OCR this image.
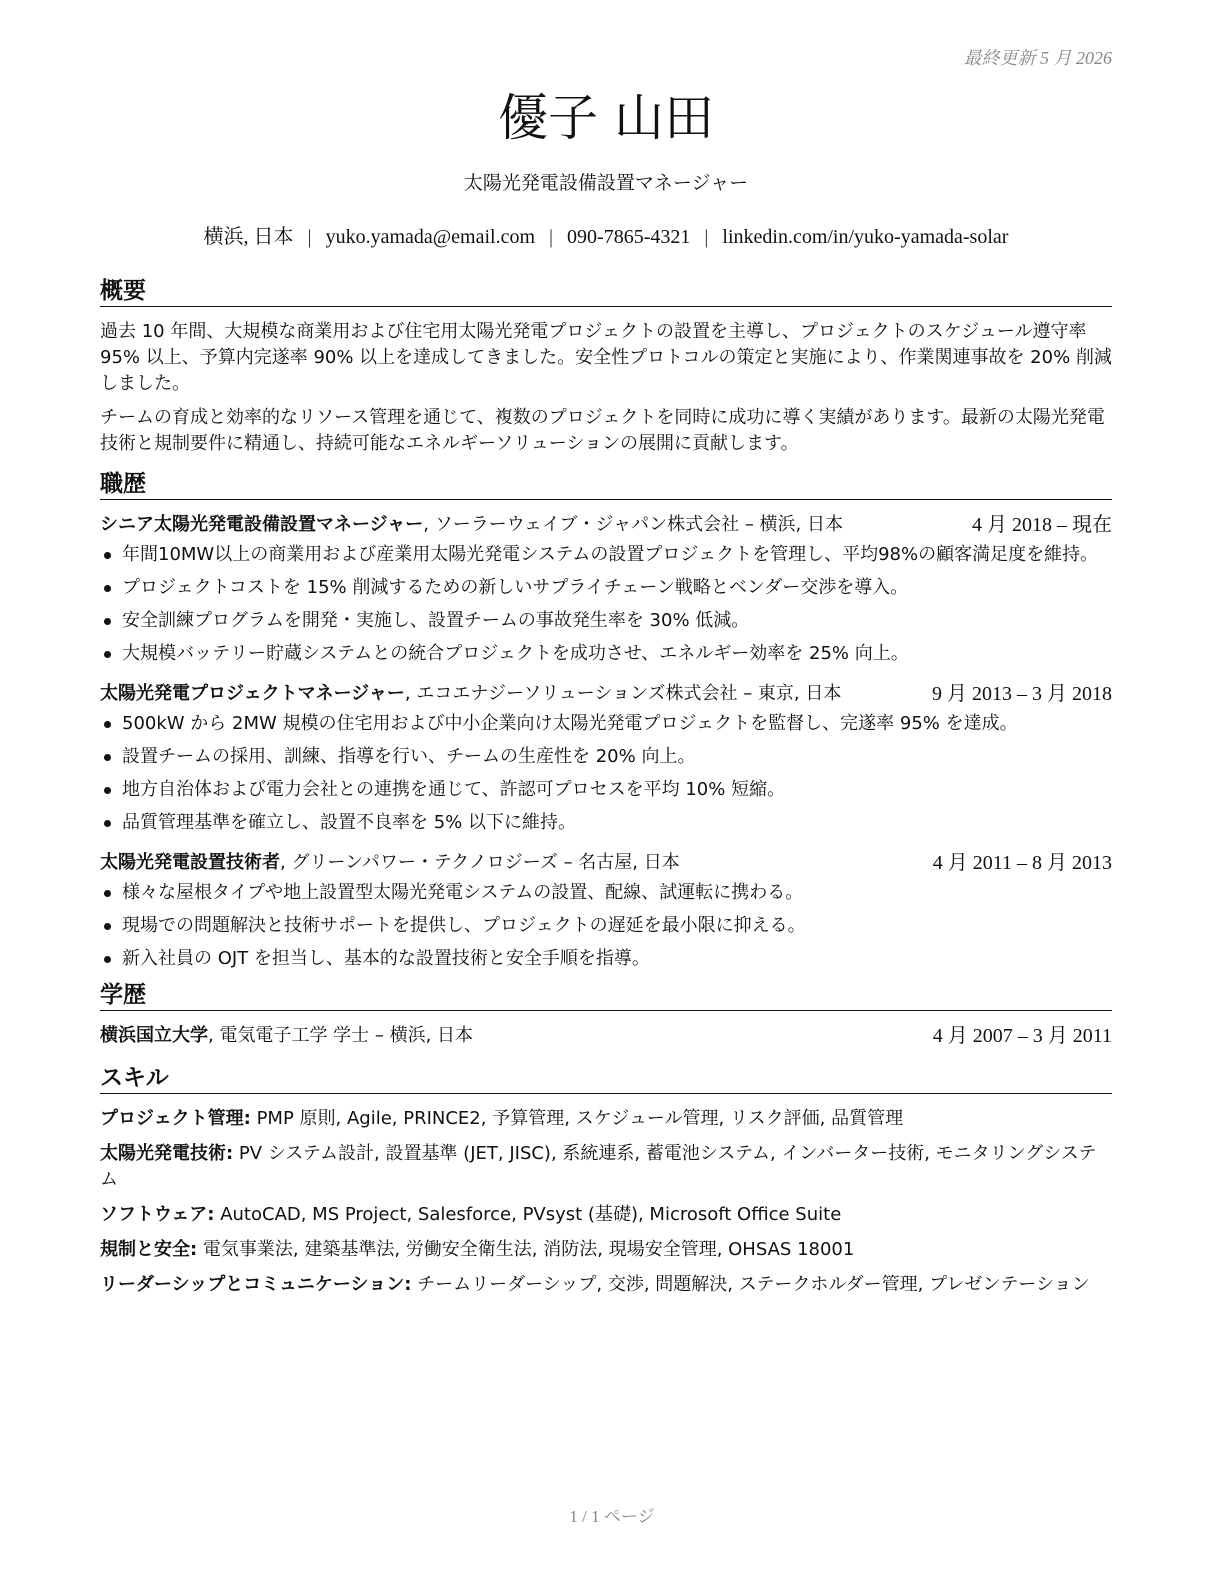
最終更新 5 月 2026
優子 山田
太陽光発電設備設置マネージャー
横浜, 日本 | yuko.yamada@email.com | 090-7865-4321 | linkedin.com/in/yuko-yamada-solar
概要

過去 10 年間、大規模な商業用および住宅用太陽光発電プロジェクトの設置を主導し、プロジェクトのスケジュール遵守率 95% 以上、予算内完遂率 90% 以上を達成してきました。安全性プロトコルの策定と実施により、作業関連事故を 20% 削減しました。

チームの育成と効率的なリソース管理を通じて、複数のプロジェクトを同時に成功に導く実績があります。最新の太陽光発電技術と規制要件に精通し、持続可能なエネルギーソリューションの展開に貢献します。

職歴
シニア太陽光発電設備設置マネージャー, ソーラーウェイブ・ジャパン株式会社 – 横浜, 日本	4 月 2018 – 現在
年間10MW以上の商業用および産業用太陽光発電システムの設置プロジェクトを管理し、平均98%の顧客満足度を維持。
プロジェクトコストを 15% 削減するための新しいサプライチェーン戦略とベンダー交渉を導入。
安全訓練プログラムを開発・実施し、設置チームの事故発生率を 30% 低減。
大規模バッテリー貯蔵システムとの統合プロジェクトを成功させ、エネルギー効率を 25% 向上。
太陽光発電プロジェクトマネージャー, エコエナジーソリューションズ株式会社 – 東京, 日本	9 月 2013 – 3 月 2018
500kW から 2MW 規模の住宅用および中小企業向け太陽光発電プロジェクトを監督し、完遂率 95% を達成。
設置チームの採用、訓練、指導を行い、チームの生産性を 20% 向上。
地方自治体および電力会社との連携を通じて、許認可プロセスを平均 10% 短縮。
品質管理基準を確立し、設置不良率を 5% 以下に維持。
太陽光発電設置技術者, グリーンパワー・テクノロジーズ – 名古屋, 日本	4 月 2011 – 8 月 2013
様々な屋根タイプや地上設置型太陽光発電システムの設置、配線、試運転に携わる。
現場での問題解決と技術サポートを提供し、プロジェクトの遅延を最小限に抑える。
新入社員の OJT を担当し、基本的な設置技術と安全手順を指導。
学歴
横浜国立大学, 電気電子工学 学士 – 横浜, 日本	4 月 2007 – 3 月 2011
スキル

プロジェクト管理: PMP 原則, Agile, PRINCE2, 予算管理, スケジュール管理, リスク評価, 品質管理

太陽光発電技術: PV システム設計, 設置基準 (JET, JISC), 系統連系, 蓄電池システム, インバーター技術, モニタリングシステム

ソフトウェア: AutoCAD, MS Project, Salesforce, PVsyst (基礎), Microsoft Office Suite

規制と安全: 電気事業法, 建築基準法, 労働安全衛生法, 消防法, 現場安全管理, OHSAS 18001

リーダーシップとコミュニケーション: チームリーダーシップ, 交渉, 問題解決, ステークホルダー管理, プレゼンテーション

1 / 1 ページ
